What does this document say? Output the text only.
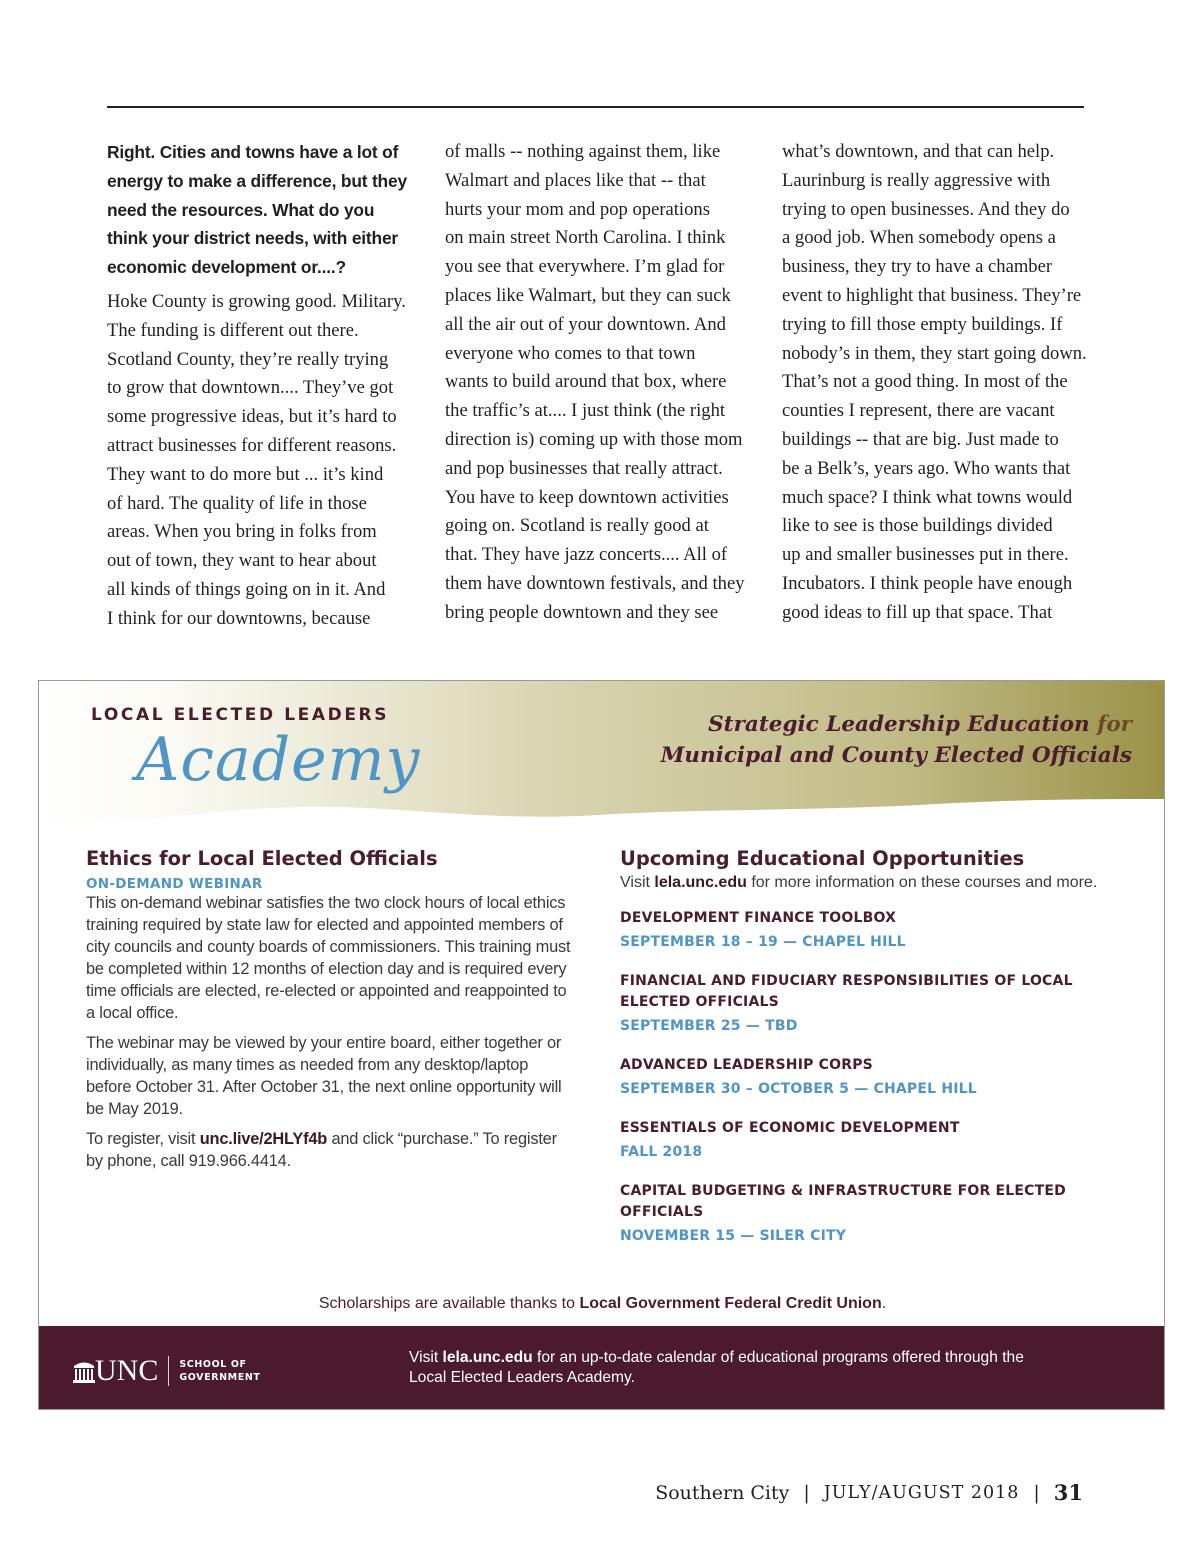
Right. Cities and towns have a lot of energy to make a difference, but they need the resources. What do you think your district needs, with either economic development or....?

Hoke County is growing good. Military.
The funding is different out there.
Scotland County, they’re really trying
to grow that downtown.... They’ve got
some progressive ideas, but it’s hard to
attract businesses for different reasons.
They want to do more but ... it’s kind
of hard. The quality of life in those
areas. When you bring in folks from
out of town, they want to hear about
all kinds of things going on in it. And
I think for our downtowns, because
of malls -- nothing against them, like
Walmart and places like that -- that
hurts your mom and pop operations
on main street North Carolina. I think
you see that everywhere. I’m glad for
places like Walmart, but they can suck
all the air out of your downtown. And
everyone who comes to that town
wants to build around that box, where
the traffic’s at.... I just think (the right
direction is) coming up with those mom
and pop businesses that really attract.
You have to keep downtown activities
going on. Scotland is really good at
that. They have jazz concerts.... All of
them have downtown festivals, and they
bring people downtown and they see
what’s downtown, and that can help.
Laurinburg is really aggressive with
trying to open businesses. And they do
a good job. When somebody opens a
business, they try to have a chamber
event to highlight that business. They’re
trying to fill those empty buildings. If
nobody’s in them, they start going down.
That’s not a good thing. In most of the
counties I represent, there are vacant
buildings -- that are big. Just made to
be a Belk’s, years ago. Who wants that
much space? I think what towns would
like to see is those buildings divided
up and smaller businesses put in there.
Incubators. I think people have enough
good ideas to fill up that space. That
LOCAL ELECTED LEADERS
Academy
Strategic Leadership Education for
Municipal and County Elected Officials
Ethics for Local Elected Officials
ON-DEMAND WEBINAR

This on-demand webinar satisfies the two clock hours of local ethics training required by state law for elected and appointed members of city councils and county boards of commissioners. This training must be completed within 12 months of election day and is required every time officials are elected, re-elected or appointed and reappointed to a local office.

The webinar may be viewed by your entire board, either together or individually, as many times as needed from any desktop/laptop before October 31. After October 31, the next online opportunity will be May 2019.

To register, visit unc.live/2HLYf4b and click “purchase.” To register by phone, call 919.966.4414.

Upcoming Educational Opportunities

Visit lela.unc.edu for more information on these courses and more.

DEVELOPMENT FINANCE TOOLBOX
SEPTEMBER 18 – 19 — CHAPEL HILL
FINANCIAL AND FIDUCIARY RESPONSIBILITIES OF LOCAL ELECTED OFFICIALS
SEPTEMBER 25 — TBD
ADVANCED LEADERSHIP CORPS
SEPTEMBER 30 – OCTOBER 5 — CHAPEL HILL
ESSENTIALS OF ECONOMIC DEVELOPMENT
FALL 2018
CAPITAL BUDGETING & INFRASTRUCTURE FOR ELECTED OFFICIALS
NOVEMBER 15 — SILER CITY
Scholarships are available thanks to Local Government Federal Credit Union.
UNC SCHOOL OF
GOVERNMENT
Visit lela.unc.edu for an up-to-date calendar of educational programs offered through the Local Elected Leaders Academy.
Southern City | JULY/AUGUST 2018 | 31
